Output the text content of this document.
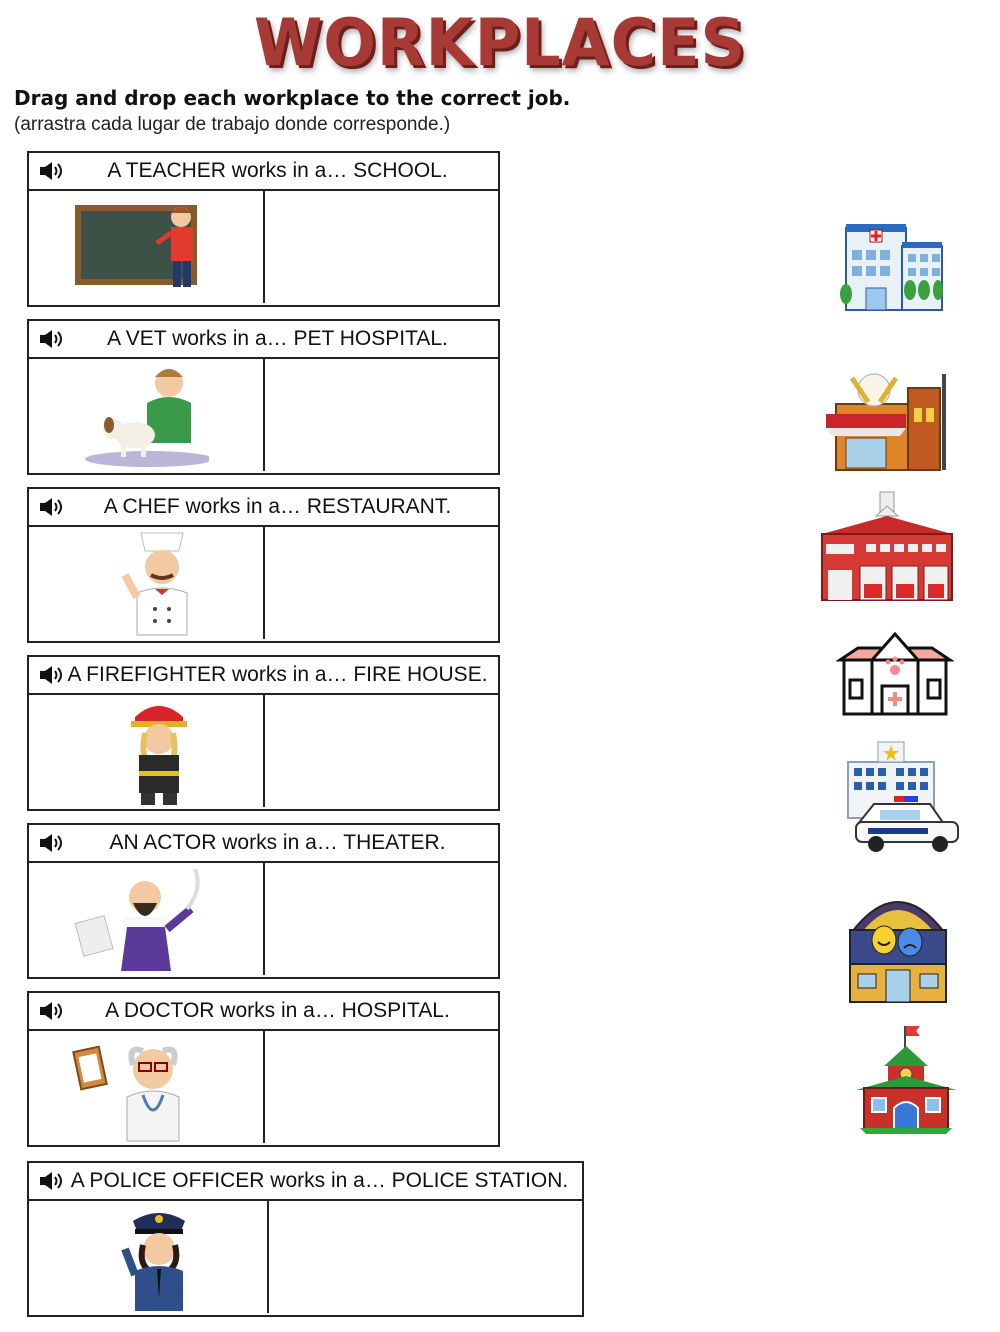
WORKPLACES
Drag and drop each workplace to the correct job.
(arrastra cada lugar de trabajo donde corresponde.)
A TEACHER works in a… SCHOOL.
A VET works in a… PET HOSPITAL.
A CHEF works in a… RESTAURANT.
A FIREFIGHTER works in a… FIRE HOUSE.
AN ACTOR works in a… THEATER.
A DOCTOR works in a… HOSPITAL.
A POLICE OFFICER works in a… POLICE STATION.
